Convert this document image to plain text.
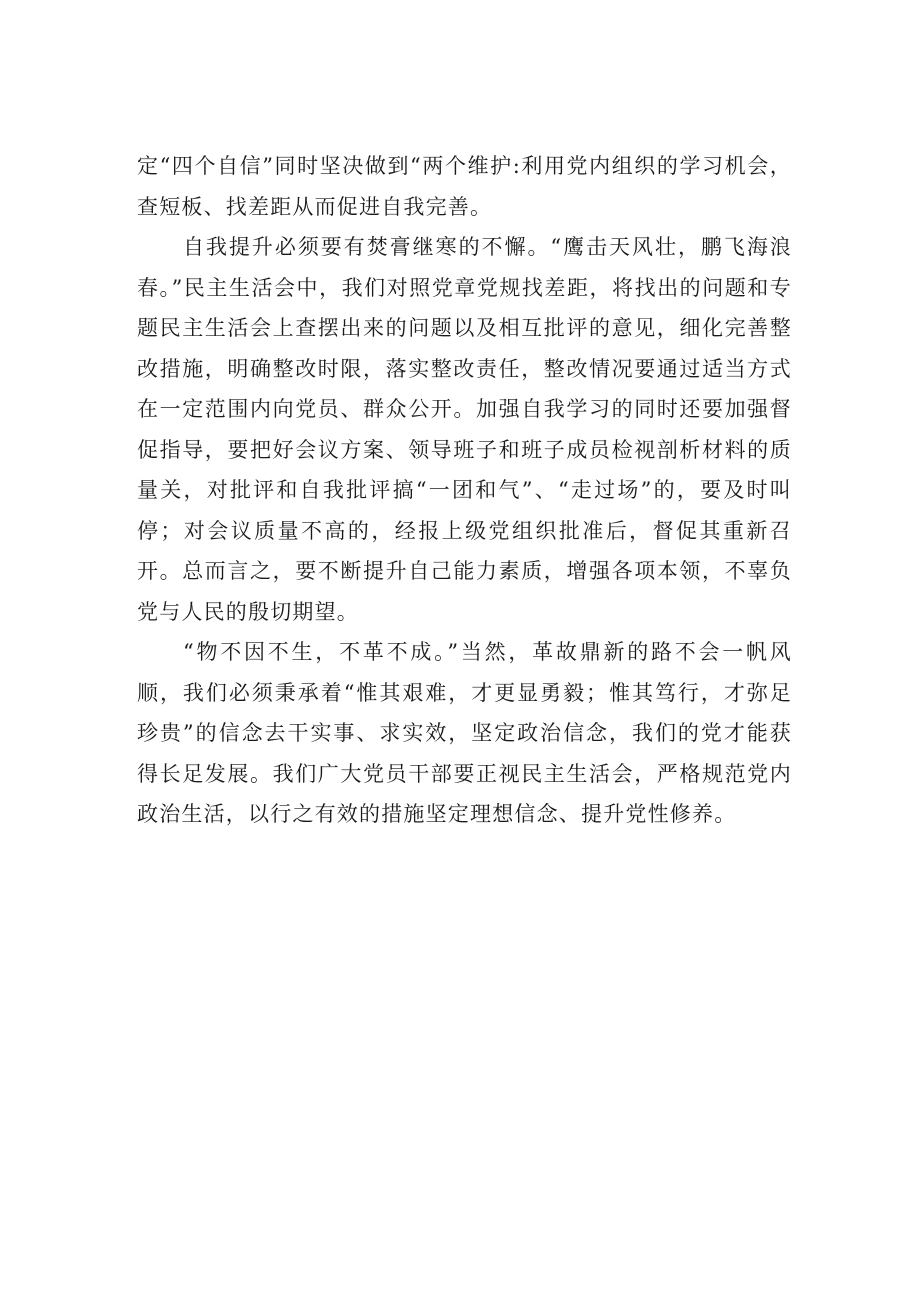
定“四个自信”同时坚决做到“两个维护:利用党内组织的学习机会，查短板、找差距从而促进自我完善。

自我提升必须要有焚膏继寒的不懈。“鹰击天风壮，鹏飞海浪春。”民主生活会中，我们对照党章党规找差距，将找出的问题和专题民主生活会上查摆出来的问题以及相互批评的意见，细化完善整改措施，明确整改时限，落实整改责任，整改情况要通过适当方式在一定范围内向党员、群众公开。加强自我学习的同时还要加强督促指导，要把好会议方案、领导班子和班子成员检视剖析材料的质量关，对批评和自我批评搞“一团和气”、“走过场”的，要及时叫停；对会议质量不高的，经报上级党组织批准后，督促其重新召开。总而言之，要不断提升自己能力素质，增强各项本领，不辜负党与人民的殷切期望。

“物不因不生，不革不成。”当然，革故鼎新的路不会一帆风顺，我们必须秉承着“惟其艰难，才更显勇毅；惟其笃行，才弥足珍贵”的信念去干实事、求实效，坚定政治信念，我们的党才能获得长足发展。我们广大党员干部要正视民主生活会，严格规范党内政治生活，以行之有效的措施坚定理想信念、提升党性修养。
